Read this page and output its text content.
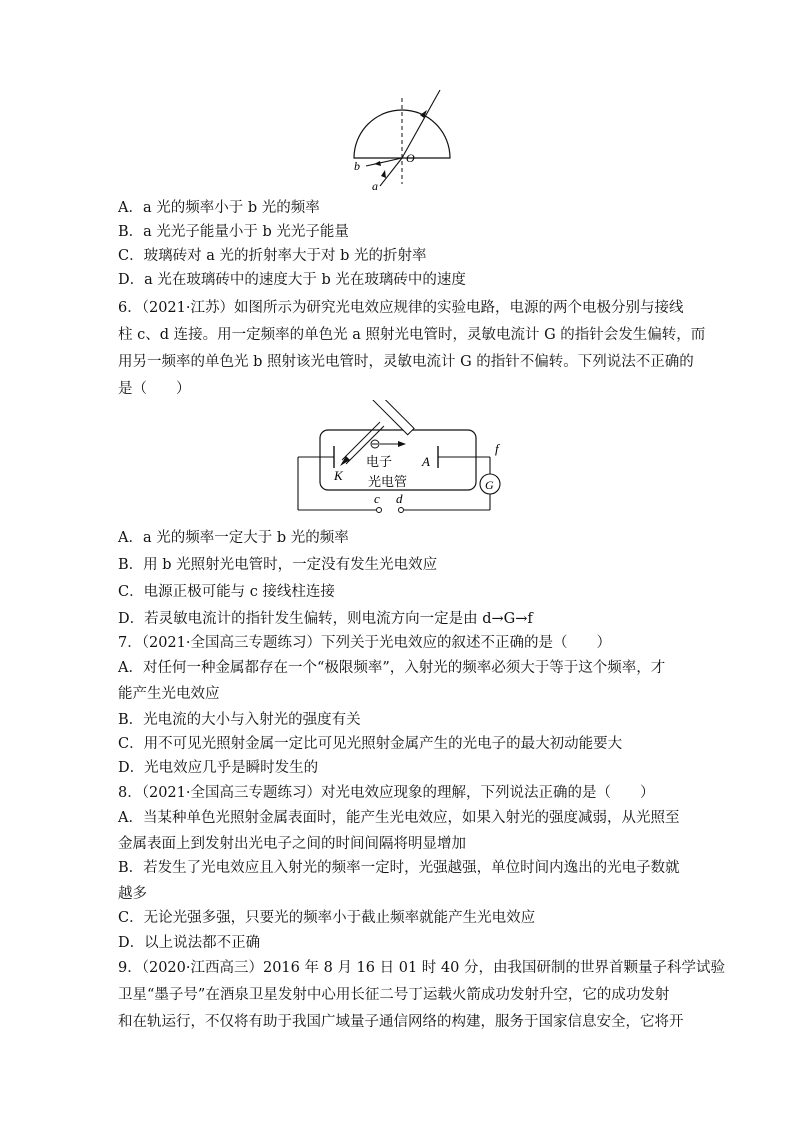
b
O
a
A．a 光的频率小于 b 光的频率
B．a 光光子能量小于 b 光光子能量
C．玻璃砖对 a 光的折射率大于对 b 光的折射率
D．a 光在玻璃砖中的速度大于 b 光在玻璃砖中的速度
6．（2021·江苏）如图所示为研究光电效应规律的实验电路，电源的两个电极分别与接线
柱 c、d 连接。用一定频率的单色光 a 照射光电管时，灵敏电流计 G 的指针会发生偏转，而
用另一频率的单色光 b 照射该光电管时，灵敏电流计 G 的指针不偏转。下列说法不正确的
是（　　）
K
电子 A
光电管
c d
f
G
A．a 光的频率一定大于 b 光的频率
B．用 b 光照射光电管时，一定没有发生光电效应
C．电源正极可能与 c 接线柱连接
D．若灵敏电流计的指针发生偏转，则电流方向一定是由 d→G→f
7．（2021·全国高三专题练习）下列关于光电效应的叙述不正确的是（　　）
A．对任何一种金属都存在一个“极限频率”，入射光的频率必须大于等于这个频率，才
能产生光电效应
B．光电流的大小与入射光的强度有关
C．用不可见光照射金属一定比可见光照射金属产生的光电子的最大初动能要大
D．光电效应几乎是瞬时发生的
8．（2021·全国高三专题练习）对光电效应现象的理解，下列说法正确的是（　　）
A．当某种单色光照射金属表面时，能产生光电效应，如果入射光的强度减弱，从光照至
金属表面上到发射出光电子之间的时间间隔将明显增加
B．若发生了光电效应且入射光的频率一定时，光强越强，单位时间内逸出的光电子数就
越多
C．无论光强多强，只要光的频率小于截止频率就能产生光电效应
D．以上说法都不正确
9．（2020·江西高三）2016 年 8 月 16 日 01 时 40 分，由我国研制的世界首颗量子科学试验
卫星“墨子号”在酒泉卫星发射中心用长征二号丁运载火箭成功发射升空，它的成功发射
和在轨运行，不仅将有助于我国广域量子通信网络的构建，服务于国家信息安全，它将开
